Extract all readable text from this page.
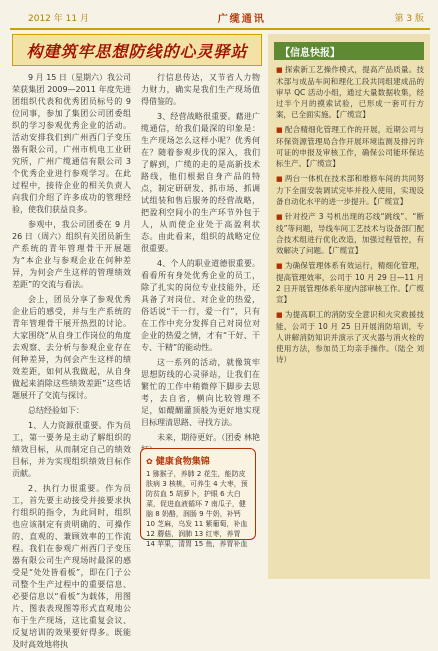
2012 年 11 月	广缆通讯	第 3 版
构建筑牢思想防线的心灵驿站

9 月 15 日（星期六）我公司荣获集团 2009—2011 年度先进团组织代表和优秀团员标号的 9 位同事，参加了集团公司团委组织的学习参观优秀企业的活动。活动安排我们到广州西门子变压器有限公司，广州市机电工业研究所，广州广缆通信有限公司 3 个优秀企业进行参观学习。在此过程中，接待企业的相关负责人向我们介绍了许多成功的管理经验，使我们获益良多。

参观中，我公司团委在 9 月 26 日（周六）组织有关团员新生产系统的青年管理骨干开展题为“本企业与参观企业在何种差异，为何会产生这样的管理绩效差距”的交流与看法。

会上，团员分享了参观优秀企业后的感受，并与生产系统的青年管理骨干展开热烈的讨论。大家围绕“从自身工作岗位的角度去观察、去分析与参观企业存在何种差异，为何会产生这样的绩效差距，如何从我做起，从自身做起来消除这些绩效差距”这些话题展开了交流与探讨。

总结经验如下：

1、人力资源很重要。作为员工，第一要务是主动了解组织的绩效目标，从而制定自己的绩效目标，并为实现组织绩效目标作贡献。

2、执行力很重要。作为员工，首先要主动接受并接要求执行组织的指令，为此同时，组织也应该制定有责明确的、可操作的、直观的、兼顾效率的工作流程。我们在参观广州西门子变压器有限公司生产现场时最深的感受是“处处皆看板”，即在门子公司整个生产过程中的重要信息、必要信息以“看板”为载体，用图片、图表表现图等形式直观地公布于生产现场，这比重复会议、反复培训的效果要好得多。既能及时高效地将执

行信息传达，又节省人力物力财力，确实是我们生产现场值得借鉴的。

3、经营战略很重要。藉进广缆通信，给我们最深的印象是：生产现场怎么这样小呢？优秀何在？随着参观步伐的深入，我们了解到，广缆的走的是高新技术路线，他们根据自身产品的特点，制定研研发、抓市场、抓调试组装和售后服务的经营战略，把盈利空间小的生产环节外包于人，从而使企业处于高盈利状态。由此看来，组织的战略定位很重要。

4、个人的职业道德很重要。看看所有身处优秀企业的员工，除了扎实的岗位专业技能外，还具备了对岗位、对企业的热爱，俗话说“干一行，爱一行”，只有在工作中充分发挥自己对岗位对企业的热爱之情，才有“干好、干专、干精”的能动性。

这一系列的活动，就像筑牢思想防线的心灵驿站，让我们在繁忙的工作中稍微停下脚步去思考，去自省，横向比较管理不足，如醍醐灌顶般为更好地实现目标理清思路、寻找方法。

未来，期待更好。（团委 林艳

✿ 健康食物集锦
1 猕猴子，养肺 2 花生，能防皮肤病 3 核桃，可养生 4 大枣，预防贫血 5 胡萝卜，护眼 6 大白菜，促进血液循环 7 南瓜子，健脑 8 奶酪，润肠 9 牛奶，补钙 10 芝麻，乌发 11 紫葡萄，补血 12 蘑菇，润肺 13 红枣，养胃 14 苹果，清胃 15 鱼，养胃补血
【信息快报】
■ 探索新工艺操作模式，提高产品质量。技术部与成品车间和理化工段共同组建成品的审早 QC 活动小组，通过大量数据收集，经过半个月的摸索试验，已形成一套可行方案，已全面实施。【广缆宣】
■ 配合精细化管理工作的开展，近期公司与环保资源管理局合作开展环境监测及排污许可证的申报及审核工作，确保公司能环保达标生产。【广缆宣】
■ 两台一体机在技术部和维修车间的共同努力下全面安装调试完毕并投入使用，实现设备自动化水平的进一步提升。【广缆宣】
■ 针对投产 3 号机出现的芯线“跳线”、“断线”等问题，导线车间工艺技术与设备部门配合技术组进行优化改造，加强过程管控，有效解决了问题。【广缆宣】
■ 为确保管理体系有效运行，精细化管理，提高管理效率，公司于 10 月 29 日—11 月 2 日开展管理体系年度内部审核工作。【广缆宣】
■ 为提高职工的消防安全意识和火灾救援技能，公司于 10 月 25 日开展消防培训，专人讲解消防知识并演示了灭火器与消火栓的使用方法，参加员工均亲手操作。（陆仝 刘诗）
